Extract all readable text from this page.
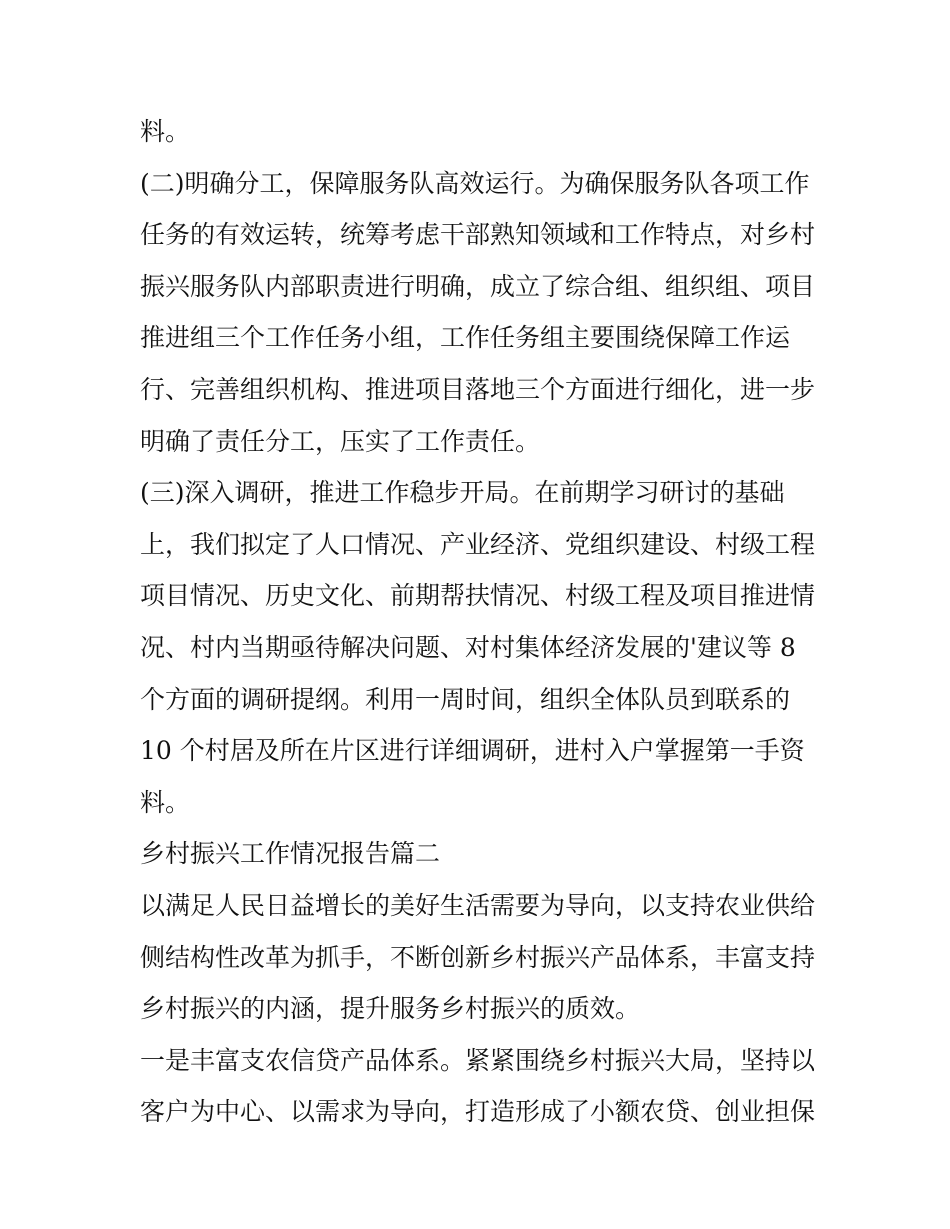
料。
(二)明确分工，保障服务队高效运行。为确保服务队各项工作
任务的有效运转，统筹考虑干部熟知领域和工作特点，对乡村
振兴服务队内部职责进行明确，成立了综合组、组织组、项目
推进组三个工作任务小组，工作任务组主要围绕保障工作运
行、完善组织机构、推进项目落地三个方面进行细化，进一步
明确了责任分工，压实了工作责任。
(三)深入调研，推进工作稳步开局。在前期学习研讨的基础
上，我们拟定了人口情况、产业经济、党组织建设、村级工程
项目情况、历史文化、前期帮扶情况、村级工程及项目推进情
况、村内当期亟待解决问题、对村集体经济发展的'建议等 8
个方面的调研提纲。利用一周时间，组织全体队员到联系的
10 个村居及所在片区进行详细调研，进村入户掌握第一手资
料。
乡村振兴工作情况报告篇二
以满足人民日益增长的美好生活需要为导向，以支持农业供给
侧结构性改革为抓手，不断创新乡村振兴产品体系，丰富支持
乡村振兴的内涵，提升服务乡村振兴的质效。
一是丰富支农信贷产品体系。紧紧围绕乡村振兴大局，坚持以
客户为中心、以需求为导向，打造形成了小额农贷、创业担保
